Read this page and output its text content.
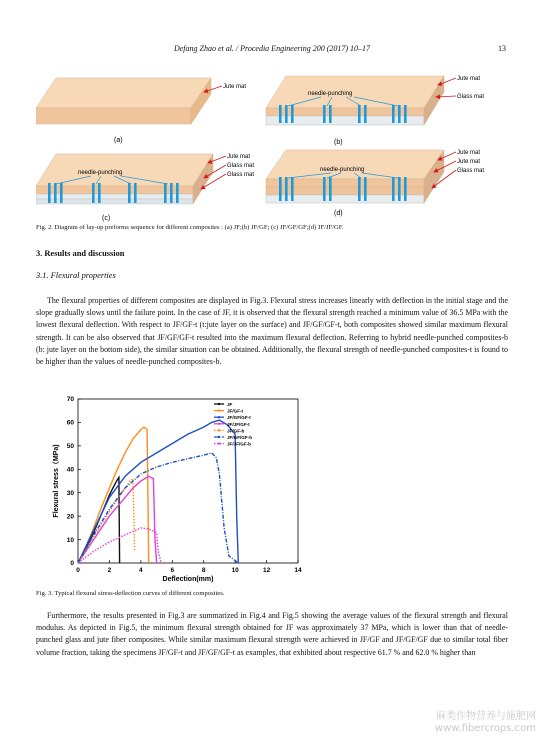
Defang Zhao et al. / Procedia Engineering 200 (2017) 10–17	13
Jute mat
(a)
needle-punching
Jute mat
Glass mat
(b)
needle-punching
Jute mat
Glass mat
Glass mat
(c)
needle-punching
Jute mat
Jute mat
Glass mat
(d)
Fig. 2. Diagram of lay-up preforms sequence for different composites : (a) JF;(b) JF/GF; (c) JF/GF/GF;(d) JF/JF/GF.
3. Results and discussion
3.1. Flexural properties

The flexural properties of different composites are displayed in Fig.3. Flexural stress increases linearly with deflection in the initial stage and the slope gradually slows until the failure point. In the case of JF, it is observed that the flexural strength reached a minimum value of 36.5 MPa with the lowest flexural deflection. With respect to JF/GF-t (t:jute layer on the surface) and JF/GF/GF-t, both composites showed similar maximum flexural strength. It can be also observed that JF/GF/GF-t resulted into the maximum flexural deflection. Referring to hybrid needle-punched composites-b (b: jute layer on the bottom side), the similar situation can be obtained. Additionally, the flexural strength of needle-punched composites-t is found to be higher than the values of needle-punched composites-b.

0	2	4	6	8	10	12	14
0
10
20
30
40
50
60
70
Deflection(mm)
Flexural stress（MPa)
JF
JF/GF-t
JF/GF/GF-t
JF/JF/GF-t
JF/GF-b
JF/GF/GF-b
JF/JF/GF-b
Fig. 3. Typical flexural stress-deflection curves of different composites.

Furthermore, the results presented in Fig.3 are summarized in Fig.4 and Fig.5 showing the average values of the flexural strength and flexural modulus. As depicted in Fig.5, the minimum flexural strength obtained for JF was approximately 37 MPa, which is lower than that of needle-punched glass and jute fiber composites. While similar maximum flexural strength were achieved in JF/GF and JF/GF/GF due to similar total fiber volume fraction, taking the specimens JF/GF-t and JF/GF/GF-t as examples, that exhibited about respective 61.7 % and 62.0 % higher than

麻类作物营养与施肥网
www.fibercrops.com
